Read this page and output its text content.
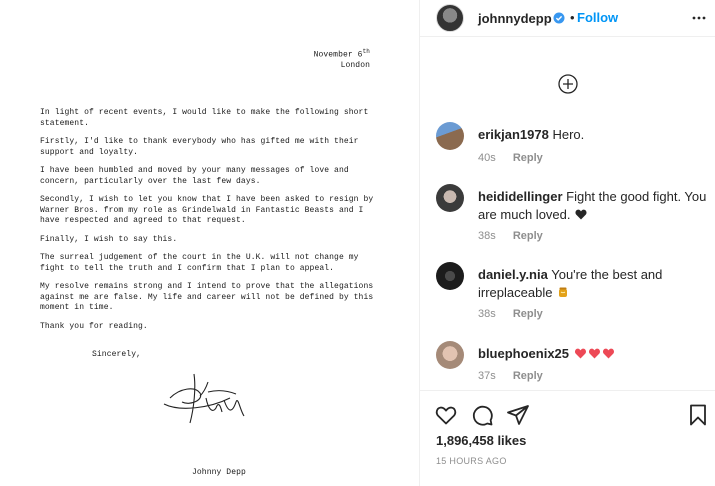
November 6th
London

In light of recent events, I would like to make the following short statement.

Firstly, I'd like to thank everybody who has gifted me with their support and loyalty.

I have been humbled and moved by your many messages of love and concern, particularly over the last few days.

Secondly, I wish to let you know that I have been asked to resign by Warner Bros. from my role as Grindelwald in Fantastic Beasts and I have respected and agreed to that request.

Finally, I wish to say this.

The surreal judgement of the court in the U.K. will not change my fight to tell the truth and I confirm that I plan to appeal.

My resolve remains strong and I intend to prove that the allegations against me are false. My life and career will not be defined by this moment in time.

Thank you for reading.

Sincerely,
Johnny Depp
johnnydepp • Follow
erikjan1978 Hero.
40s Reply
heididellinger Fight the good fight. You are much loved.
38s Reply
daniel.y.nia You're the best and irreplaceable
38s Reply
bluephoenix25
37s Reply
1,896,458 likes
15 HOURS AGO
